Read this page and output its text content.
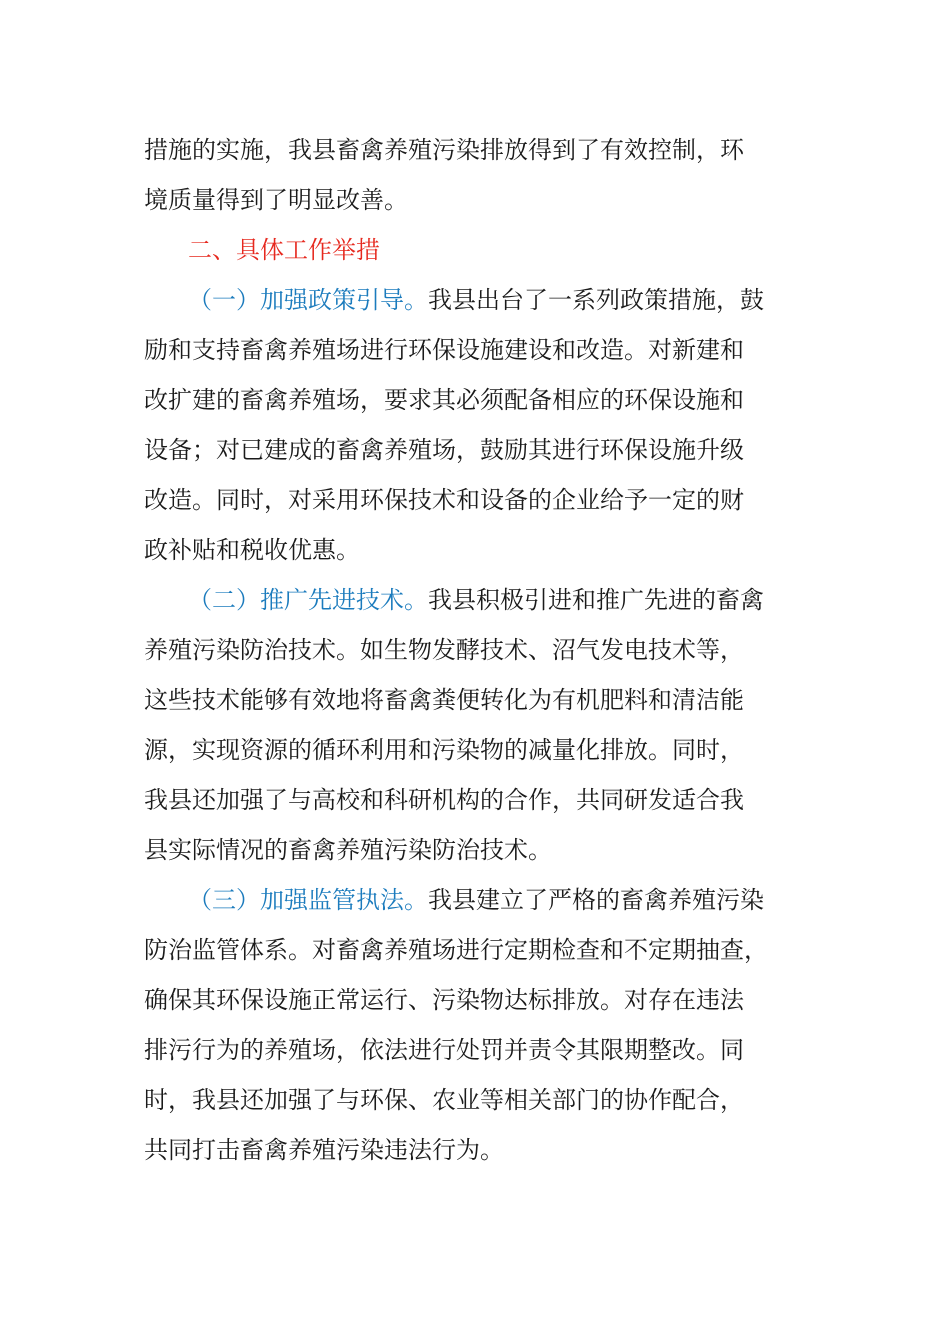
措施的实施，我县畜禽养殖污染排放得到了有效控制，环
境质量得到了明显改善。
二、具体工作举措
（一）加强政策引导。我县出台了一系列政策措施，鼓
励和支持畜禽养殖场进行环保设施建设和改造。对新建和
改扩建的畜禽养殖场，要求其必须配备相应的环保设施和
设备；对已建成的畜禽养殖场，鼓励其进行环保设施升级
改造。同时，对采用环保技术和设备的企业给予一定的财
政补贴和税收优惠。
（二）推广先进技术。我县积极引进和推广先进的畜禽
养殖污染防治技术。如生物发酵技术、沼气发电技术等，
这些技术能够有效地将畜禽粪便转化为有机肥料和清洁能
源，实现资源的循环利用和污染物的减量化排放。同时，
我县还加强了与高校和科研机构的合作，共同研发适合我
县实际情况的畜禽养殖污染防治技术。
（三）加强监管执法。我县建立了严格的畜禽养殖污染
防治监管体系。对畜禽养殖场进行定期检查和不定期抽查，
确保其环保设施正常运行、污染物达标排放。对存在违法
排污行为的养殖场，依法进行处罚并责令其限期整改。同
时，我县还加强了与环保、农业等相关部门的协作配合，
共同打击畜禽养殖污染违法行为。
